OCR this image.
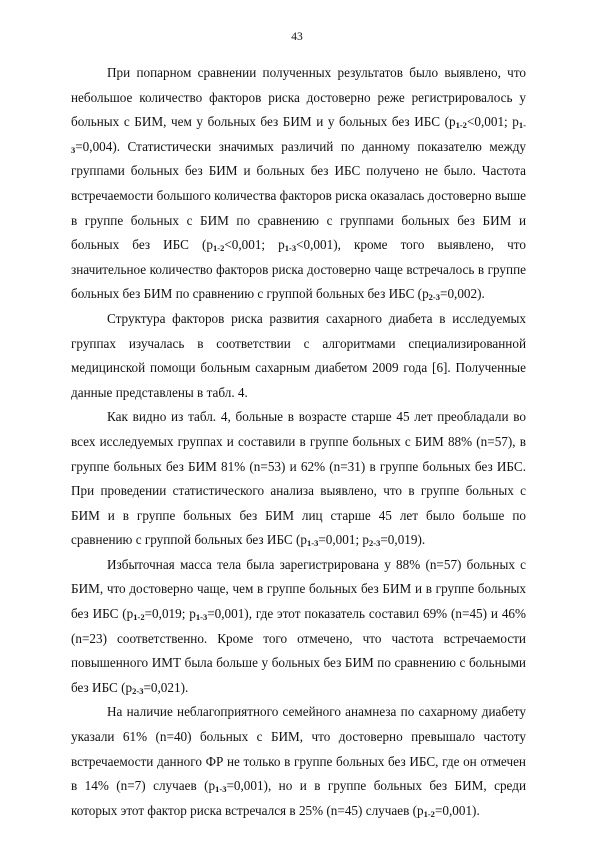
43

При попарном сравнении полученных результатов было выявлено, что небольшое количество факторов риска достоверно реже регистрировалось у больных с БИМ, чем у больных без БИМ и у больных без ИБС ($р_{1-2}<0,001$; $р_{1-3}=0,004$). Статистически значимых различий по данному показателю между группами больных без БИМ и больных без ИБС получено не было. Частота встречаемости большого количества факторов риска оказалась достоверно выше в группе больных с БИМ по сравнению с группами больных без БИМ и больных без ИБС ($р_{1-2}<0,001$; $р_{1-3}<0,001$), кроме того выявлено, что значительное количество факторов риска достоверно чаще встречалось в группе больных без БИМ по сравнению с группой больных без ИБС $(р_{2-3}=0,002)$.

Структура факторов риска развития сахарного диабета в исследуемых группах изучалась в соответствии с алгоритмами специализированной медицинской помощи больным сахарным диабетом 2009 года [6]. Полученные данные представлены в табл. 4.

Как видно из табл. 4, больные в возрасте старше 45 лет преобладали во всех исследуемых группах и составили в группе больных с БИМ 88% (n=57), в группе больных без БИМ 81% (n=53) и 62% (n=31) в группе больных без ИБС. При проведении статистического анализа выявлено, что в группе больных с БИМ и в группе больных без БИМ лиц старше 45 лет было больше по сравнению с группой больных без ИБС ($р_{1-3}=0,001$; $р_{2-3}=0,019$).

Избыточная масса тела была зарегистрирована у 88% (n=57) больных с БИМ, что достоверно чаще, чем в группе больных без БИМ и в группе больных без ИБС ($р_{1-2}=0,019$; $р_{1-3}=0,001$), где этот показатель составил 69% (n=45) и 46% (n=23) соответственно. Кроме того отмечено, что частота встречаемости повышенного ИМТ была больше у больных без БИМ по сравнению с больными без ИБС $(р_{2-3}=0,021)$.

На наличие неблагоприятного семейного анамнеза по сахарному диабету указали 61% (n=40) больных с БИМ, что достоверно превышало частоту встречаемости данного ФР не только в группе больных без ИБС, где он отмечен в 14% (n=7) случаев $(р_{1-3}=0,001)$, но и в группе больных без БИМ, среди которых этот фактор риска встречался в 25% (n=45) случаев $(р_{1-2}=0,001)$.
